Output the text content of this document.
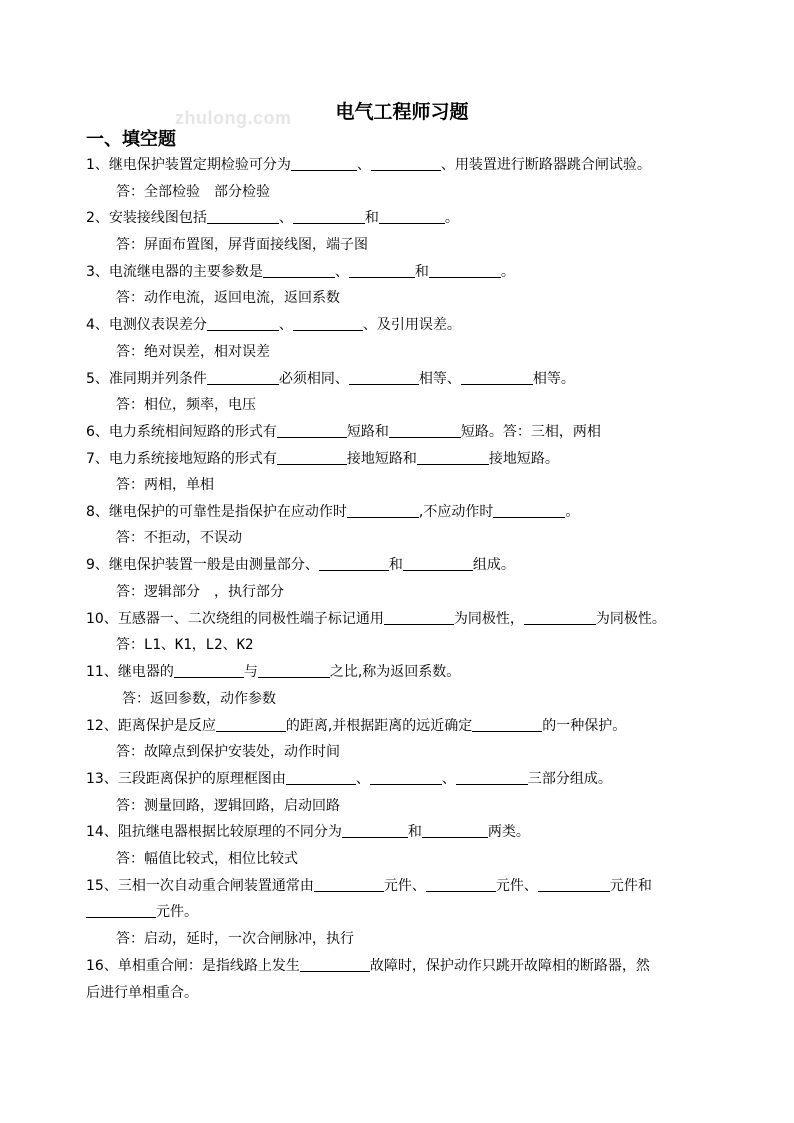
zhulong.com	电气工程师习题
一、填空题
1、继电保护装置定期检验可分为	、	、用装置进行断路器跳合闸试验。
答：全部检验　部分检验
2、安装接线图包括	、	和	。
答：屏面布置图，屏背面接线图，端子图
3、电流继电器的主要参数是	、	和	。
答：动作电流，返回电流，返回系数
4、电测仪表误差分	、	、及引用误差。
答：绝对误差，相对误差
5、准同期并列条件	必须相同、	相等、	相等。
答：相位，频率，电压
6、电力系统相间短路的形式有	短路和	短路。答：三相，两相
7、电力系统接地短路的形式有	接地短路和	接地短路。
答：两相，单相
8、继电保护的可靠性是指保护在应动作时	,不应动作时	。
答：不拒动，不误动
9、继电保护装置一般是由测量部分、	和	组成。
答：逻辑部分　，执行部分
10、互感器一、二次绕组的同极性端子标记通用	为同极性，	为同极性。
答：L1、K1，L2、K2
11、继电器的	与	之比,称为返回系数。
答：返回参数，动作参数
12、距离保护是反应	的距离,并根据距离的远近确定	的一种保护。
答：故障点到保护安装处，动作时间
13、三段距离保护的原理框图由	、	、	三部分组成。
答：测量回路，逻辑回路，启动回路
14、阻抗继电器根据比较原理的不同分为	和	两类。
答：幅值比较式，相位比较式
15、三相一次自动重合闸装置通常由	元件、	元件、	元件和
元件。
答：启动，延时，一次合闸脉冲，执行
16、单相重合闸：是指线路上发生	故障时，保护动作只跳开故障相的断路器，然
后进行单相重合。
